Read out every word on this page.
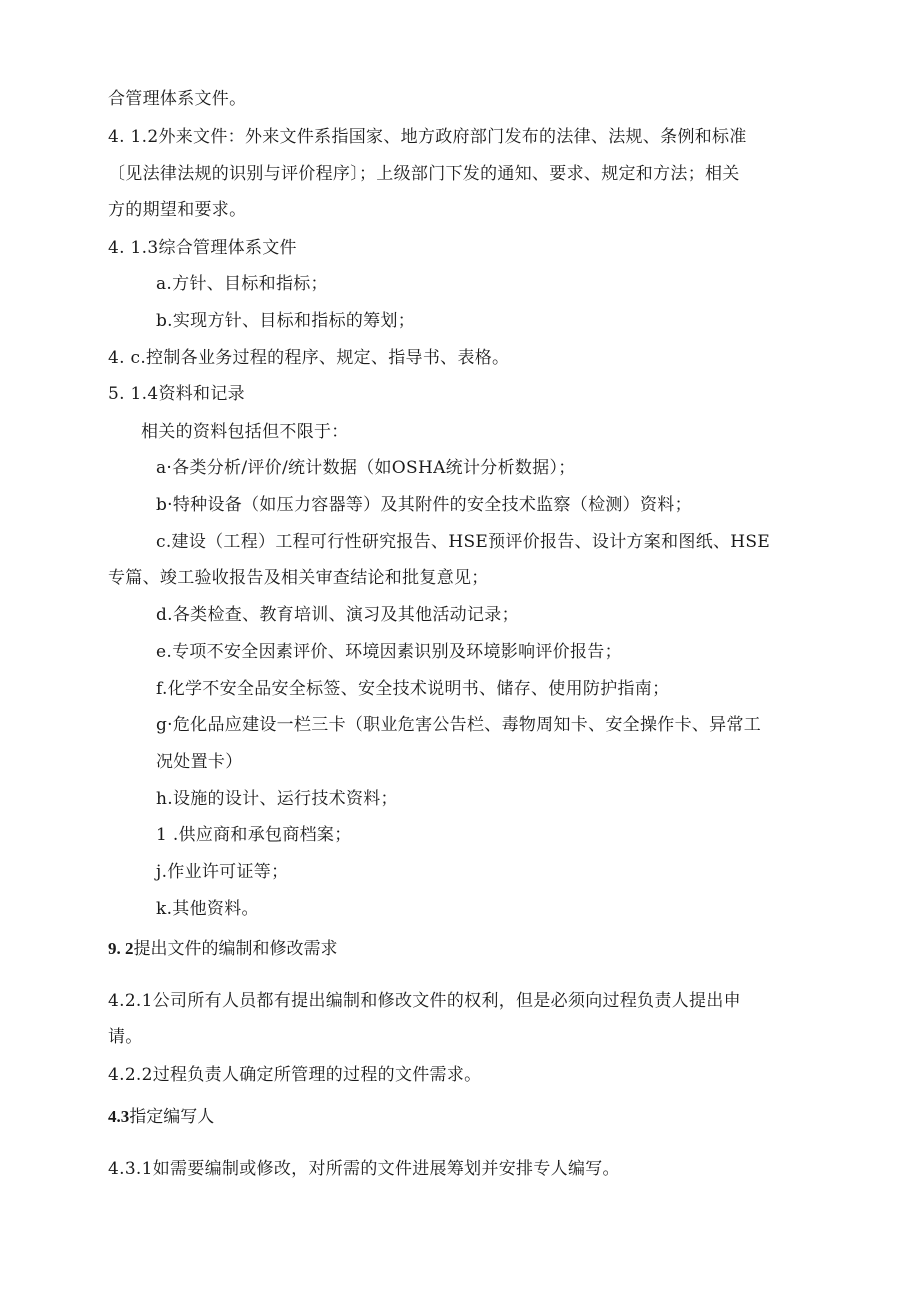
合管理体系文件。
4. 1.2外来文件：外来文件系指国家、地方政府部门发布的法律、法规、条例和标准
〔见法律法规的识别与评价程序〕；上级部门下发的通知、要求、规定和方法；相关
方的期望和要求。
4. 1.3综合管理体系文件
a.方针、目标和指标；
b.实现方针、目标和指标的筹划；
4. c.控制各业务过程的程序、规定、指导书、表格。
5. 1.4资料和记录
相关的资料包括但不限于：
a·各类分析/评价/统计数据（如OSHA统计分析数据）；
b·特种设备（如压力容器等）及其附件的安全技术监察（检测）资料；
c.建设（工程）工程可行性研究报告、HSE预评价报告、设计方案和图纸、HSE
专篇、竣工验收报告及相关审查结论和批复意见；
d.各类检查、教育培训、演习及其他活动记录；
e.专项不安全因素评价、环境因素识别及环境影响评价报告；
f.化学不安全品安全标签、安全技术说明书、储存、使用防护指南；
g·危化品应建设一栏三卡（职业危害公告栏、毒物周知卡、安全操作卡、异常工
况处置卡）
h.设施的设计、运行技术资料；
1 .供应商和承包商档案；
j.作业许可证等；
k.其他资料。
9. 2提出文件的编制和修改需求
4.2.1公司所有人员都有提出编制和修改文件的权利，但是必须向过程负责人提出申
请。
4.2.2过程负责人确定所管理的过程的文件需求。
4.3指定编写人
4.3.1如需要编制或修改，对所需的文件进展筹划并安排专人编写。
